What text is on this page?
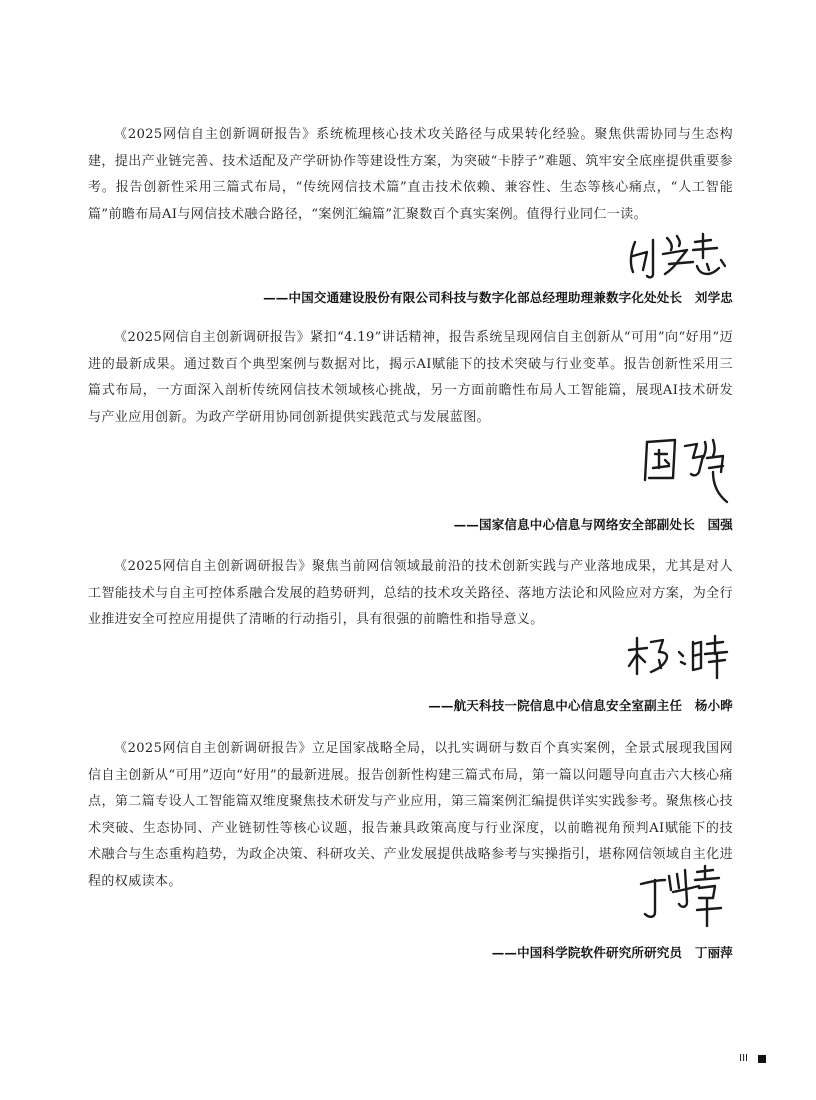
《2025网信自主创新调研报告》系统梳理核心技术攻关路径与成果转化经验。聚焦供需协同与生态构建，提出产业链完善、技术适配及产学研协作等建设性方案，为突破“卡脖子”难题、筑牢安全底座提供重要参考。报告创新性采用三篇式布局，“传统网信技术篇”直击技术依赖、兼容性、生态等核心痛点，“人工智能篇”前瞻布局AI与网信技术融合路径，“案例汇编篇”汇聚数百个真实案例。值得行业同仁一读。

——中国交通建设股份有限公司科技与数字化部总经理助理兼数字化处处长　刘学忠

《2025网信自主创新调研报告》紧扣“4.19”讲话精神，报告系统呈现网信自主创新从“可用”向“好用”迈进的最新成果。通过数百个典型案例与数据对比，揭示AI赋能下的技术突破与行业变革。报告创新性采用三篇式布局，一方面深入剖析传统网信技术领域核心挑战，另一方面前瞻性布局人工智能篇，展现AI技术研发与产业应用创新。为政产学研用协同创新提供实践范式与发展蓝图。

——国家信息中心信息与网络安全部副处长　国强

《2025网信自主创新调研报告》聚焦当前网信领域最前沿的技术创新实践与产业落地成果，尤其是对人工智能技术与自主可控体系融合发展的趋势研判，总结的技术攻关路径、落地方法论和风险应对方案，为全行业推进安全可控应用提供了清晰的行动指引，具有很强的前瞻性和指导意义。

——航天科技一院信息中心信息安全室副主任　杨小晔

《2025网信自主创新调研报告》立足国家战略全局，以扎实调研与数百个真实案例，全景式展现我国网信自主创新从“可用”迈向“好用”的最新进展。报告创新性构建三篇式布局，第一篇以问题导向直击六大核心痛点，第二篇专设人工智能篇双维度聚焦技术研发与产业应用，第三篇案例汇编提供详实实践参考。聚焦核心技术突破、生态协同、产业链韧性等核心议题，报告兼具政策高度与行业深度，以前瞻视角预判AI赋能下的技术融合与生态重构趋势，为政企决策、科研攻关、产业发展提供战略参考与实操指引，堪称网信领域自主化进程的权威读本。

——中国科学院软件研究所研究员　丁丽萍
III
